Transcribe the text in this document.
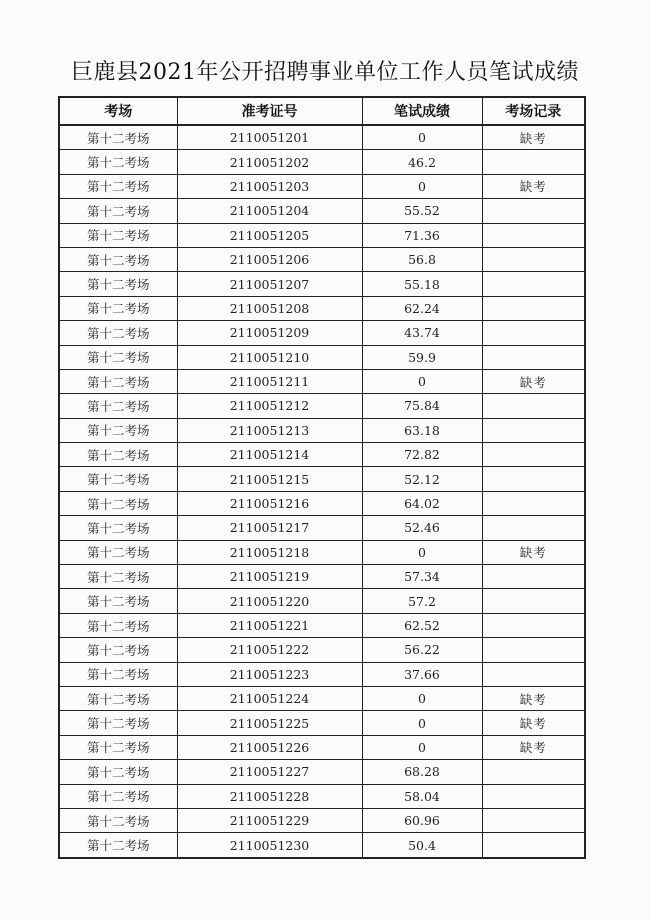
巨鹿县2021年公开招聘事业单位工作人员笔试成绩
考场	准考证号	笔试成绩	考场记录
第十二考场	2110051201	0	缺考
第十二考场	2110051202	46.2	
第十二考场	2110051203	0	缺考
第十二考场	2110051204	55.52	
第十二考场	2110051205	71.36	
第十二考场	2110051206	56.8	
第十二考场	2110051207	55.18	
第十二考场	2110051208	62.24	
第十二考场	2110051209	43.74	
第十二考场	2110051210	59.9	
第十二考场	2110051211	0	缺考
第十二考场	2110051212	75.84	
第十二考场	2110051213	63.18	
第十二考场	2110051214	72.82	
第十二考场	2110051215	52.12	
第十二考场	2110051216	64.02	
第十二考场	2110051217	52.46	
第十二考场	2110051218	0	缺考
第十二考场	2110051219	57.34	
第十二考场	2110051220	57.2	
第十二考场	2110051221	62.52	
第十二考场	2110051222	56.22	
第十二考场	2110051223	37.66	
第十二考场	2110051224	0	缺考
第十二考场	2110051225	0	缺考
第十二考场	2110051226	0	缺考
第十二考场	2110051227	68.28	
第十二考场	2110051228	58.04	
第十二考场	2110051229	60.96	
第十二考场	2110051230	50.4	
